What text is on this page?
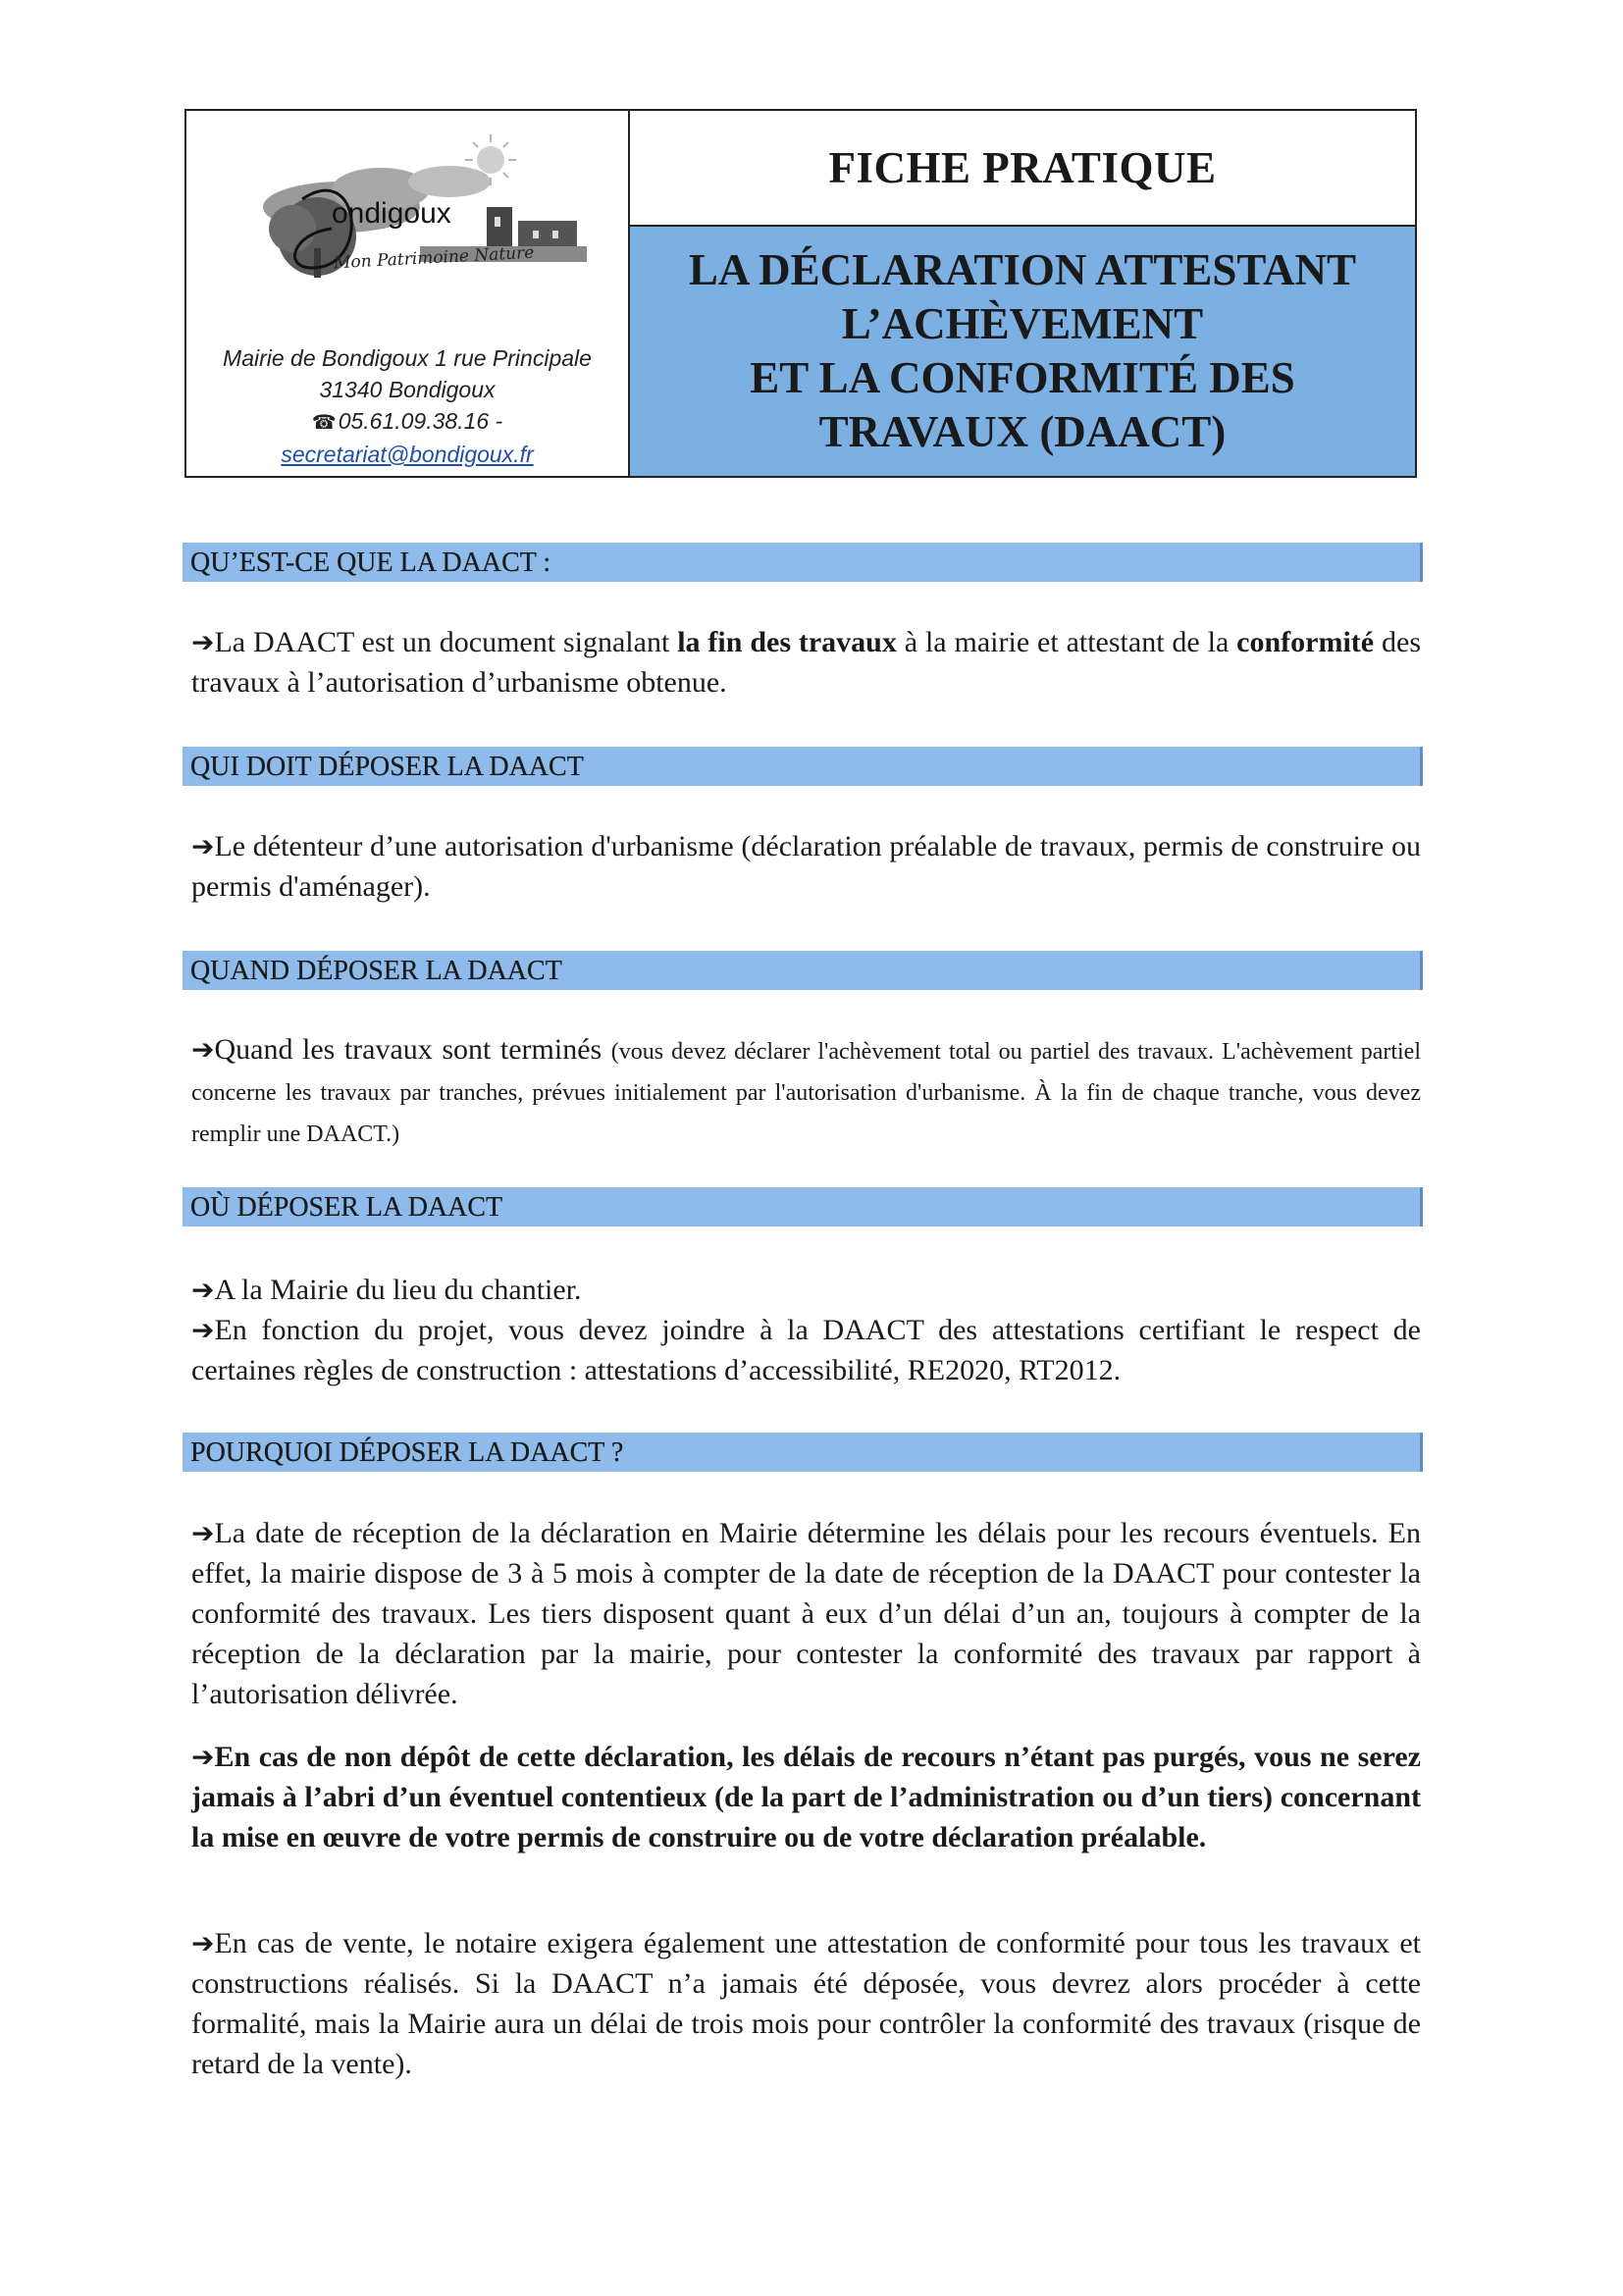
ondigoux
Mon Patrimoine Nature
Mairie de Bondigoux 1 rue Principale
31340 Bondigoux
☎05.61.09.38.16 -
secretariat@bondigoux.fr
FICHE PRATIQUE
LA DÉCLARATION ATTESTANT
L’ACHÈVEMENT
ET LA CONFORMITÉ DES
TRAVAUX (DAACT)
QU’EST-CE QUE LA DAACT :

➔La DAACT est un document signalant la fin des travaux à la mairie et attestant de la conformité des travaux à l’autorisation d’urbanisme obtenue.

QUI DOIT DÉPOSER LA DAACT

➔Le détenteur d’une autorisation d'urbanisme (déclaration préalable de travaux, permis de construire ou permis d'aménager).

QUAND DÉPOSER LA DAACT

➔Quand les travaux sont terminés (vous devez déclarer l'achèvement total ou partiel des travaux. L'achèvement partiel concerne les travaux par tranches, prévues initialement par l'autorisation d'urbanisme. À la fin de chaque tranche, vous devez remplir une DAACT.)

OÙ DÉPOSER LA DAACT

➔A la Mairie du lieu du chantier.

➔En fonction du projet, vous devez joindre à la DAACT des attestations certifiant le respect de certaines règles de construction : attestations d’accessibilité, RE2020, RT2012.

POURQUOI DÉPOSER LA DAACT ?

➔La date de réception de la déclaration en Mairie détermine les délais pour les recours éventuels. En effet, la mairie dispose de 3 à 5 mois à compter de la date de réception de la DAACT pour contester la conformité des travaux. Les tiers disposent quant à eux d’un délai d’un an, toujours à compter de la réception de la déclaration par la mairie, pour contester la conformité des travaux par rapport à l’autorisation délivrée.

➔En cas de non dépôt de cette déclaration, les délais de recours n’étant pas purgés, vous ne serez jamais à l’abri d’un éventuel contentieux (de la part de l’administration ou d’un tiers) concernant la mise en œuvre de votre permis de construire ou de votre déclaration préalable.

➔En cas de vente, le notaire exigera également une attestation de conformité pour tous les travaux et constructions réalisés. Si la DAACT n’a jamais été déposée, vous devrez alors procéder à cette formalité, mais la Mairie aura un délai de trois mois pour contrôler la conformité des travaux (risque de retard de la vente).
